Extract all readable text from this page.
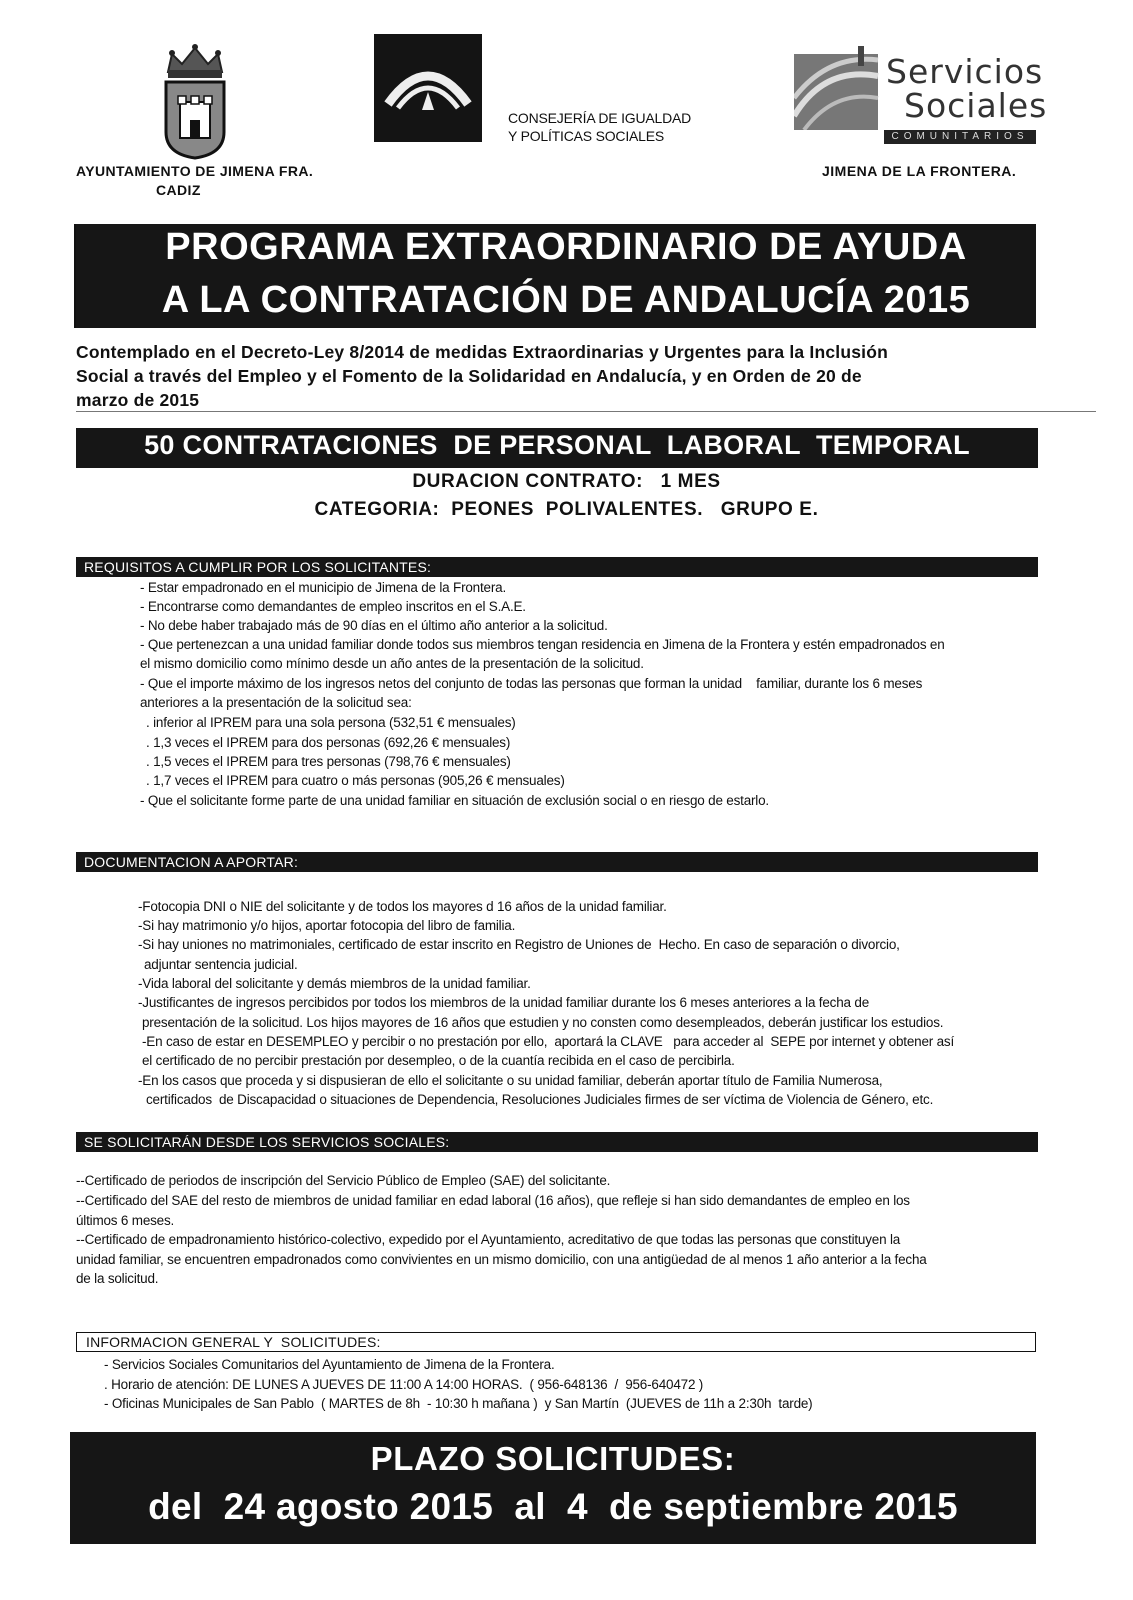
AYUNTAMIENTO DE JIMENA FRA.
CADIZ
CONSEJERÍA DE IGUALDAD
Y POLÍTICAS SOCIALES
Servicios
Sociales
COMUNITARIOS
JIMENA DE LA FRONTERA.
PROGRAMA EXTRAORDINARIO DE AYUDA
A LA CONTRATACIÓN DE ANDALUCÍA 2015
Contemplado en el Decreto-Ley 8/2014 de medidas Extraordinarias y Urgentes para la Inclusión
Social a través del Empleo y el Fomento de la Solidaridad en Andalucía, y en Orden de 20 de
marzo de 2015
50 CONTRATACIONES  DE PERSONAL  LABORAL  TEMPORAL
DURACION CONTRATO:   1 MES
CATEGORIA:  PEONES  POLIVALENTES.   GRUPO E.
REQUISITOS A CUMPLIR POR LOS SOLICITANTES:
- Estar empadronado en el municipio de Jimena de la Frontera.
- Encontrarse como demandantes de empleo inscritos en el S.A.E.
- No debe haber trabajado más de 90 días en el último año anterior a la solicitud.
- Que pertenezcan a una unidad familiar donde todos sus miembros tengan residencia en Jimena de la Frontera y estén empadronados en
el mismo domicilio como mínimo desde un año antes de la presentación de la solicitud.
- Que el importe máximo de los ingresos netos del conjunto de todas las personas que forman la unidad    familiar, durante los 6 meses
anteriores a la presentación de la solicitud sea:
. inferior al IPREM para una sola persona (532,51 € mensuales)
. 1,3 veces el IPREM para dos personas (692,26 € mensuales)
. 1,5 veces el IPREM para tres personas (798,76 € mensuales)
. 1,7 veces el IPREM para cuatro o más personas (905,26 € mensuales)
- Que el solicitante forme parte de una unidad familiar en situación de exclusión social o en riesgo de estarlo.
DOCUMENTACION A APORTAR:
-Fotocopia DNI o NIE del solicitante y de todos los mayores d 16 años de la unidad familiar.
-Si hay matrimonio y/o hijos, aportar fotocopia del libro de familia.
-Si hay uniones no matrimoniales, certificado de estar inscrito en Registro de Uniones de  Hecho. En caso de separación o divorcio,
adjuntar sentencia judicial.
-Vida laboral del solicitante y demás miembros de la unidad familiar.
-Justificantes de ingresos percibidos por todos los miembros de la unidad familiar durante los 6 meses anteriores a la fecha de
presentación de la solicitud. Los hijos mayores de 16 años que estudien y no consten como desempleados, deberán justificar los estudios.
-En caso de estar en DESEMPLEO y percibir o no prestación por ello,  aportará la CLAVE   para acceder al  SEPE por internet y obtener así
el certificado de no percibir prestación por desempleo, o de la cuantía recibida en el caso de percibirla.
-En los casos que proceda y si dispusieran de ello el solicitante o su unidad familiar, deberán aportar título de Familia Numerosa,
certificados  de Discapacidad o situaciones de Dependencia, Resoluciones Judiciales firmes de ser víctima de Violencia de Género, etc.
SE SOLICITARÁN DESDE LOS SERVICIOS SOCIALES:
--Certificado de periodos de inscripción del Servicio Público de Empleo (SAE) del solicitante.
--Certificado del SAE del resto de miembros de unidad familiar en edad laboral (16 años), que refleje si han sido demandantes de empleo en los
últimos 6 meses.
--Certificado de empadronamiento histórico-colectivo, expedido por el Ayuntamiento, acreditativo de que todas las personas que constituyen la
unidad familiar, se encuentren empadronados como convivientes en un mismo domicilio, con una antigüedad de al menos 1 año anterior a la fecha
de la solicitud.
INFORMACION GENERAL Y  SOLICITUDES:
- Servicios Sociales Comunitarios del Ayuntamiento de Jimena de la Frontera.
. Horario de atención: DE LUNES A JUEVES DE 11:00 A 14:00 HORAS.  ( 956-648136  /  956-640472 )
- Oficinas Municipales de San Pablo  ( MARTES de 8h  - 10:30 h mañana )  y San Martín  (JUEVES de 11h a 2:30h  tarde)
PLAZO SOLICITUDES:
del  24 agosto 2015  al  4  de septiembre 2015
